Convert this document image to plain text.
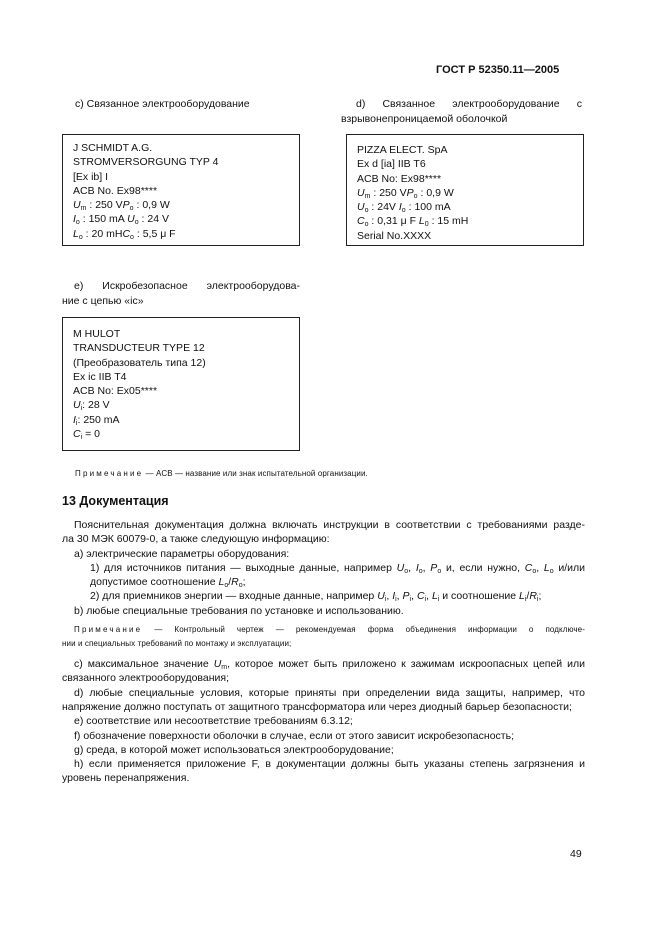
ГОСТ Р 52350.11—2005
с) Связанное электрооборудование	d) Связанное электрооборудование с
взрывонепроницаемой оболочкой
J SCHMIDT A.G.
STROMVERSORGUNG TYP 4
[Ex ib] I
ACB No. Ex98****
$U_m$ : 250 $VP_o$ : 0,9 W
$I_o$ : 150 mA $U_o$ : 24 V
$L_o$ : 20 mHC$_o$ : 5,5 μ F
PIZZA ELECT. SpA
Ex d [ia] IIB T6
ACB No: Ex98****
$U_m$ : 250 $VP_o$ : 0,9 W
$U_o$ : 24V $I_o$ : 100 mA
$C_o$ : 0,31 μ F $L_0$ : 15 mH
Serial No.XXXX
е) Искробезопасное электрооборудова-
ние с цепью «ic»
M HULOT
TRANSDUCTEUR TYPE 12
(Преобразователь типа 12)
Ex ic IIB T4
ACB No: Ex05****
$U_i$: 28 V
$I_i$: 250 mA
$C_i = 0$
Примечание — АСВ — название или знак испытательной организации.
13 Документация
Пояснительная документация должна включать инструкции в соответствии с требованиями разде-
ла 30 МЭК 60079-0, а также следующую информацию:
а) электрические параметры оборудования:
1) для источников питания — выходные данные, например $U_o$, $I_o$, $P_o$ и, если нужно, $C_o$, $L_o$ и/или
допустимое соотношение $L_o/R_o$;
2) для приемников энергии — входные данные, например $U_i$, $I_i$, $P_i$, $C_i$, $L_i$ и соотношение $L_i/R_i$;
b) любые специальные требования по установке и использованию.
Примечание — Контрольный чертеж — рекомендуемая форма объединения информации о подключе-
нии и специальных требований по монтажу и эксплуатации;
с) максимальное значение $U_m$, которое может быть приложено к зажимам искроопасных цепей или
связанного электрооборудования;
d) любые специальные условия, которые приняты при определении вида защиты, например, что
напряжение должно поступать от защитного трансформатора или через диодный барьер безопасности;
е) соответствие или несоответствие требованиям 6.3.12;
f) обозначение поверхности оболочки в случае, если от этого зависит искробезопасность;
g) среда, в которой может использоваться электрооборудование;
h) если применяется приложение F, в документации должны быть указаны степень загрязнения и
уровень перенапряжения.
49
